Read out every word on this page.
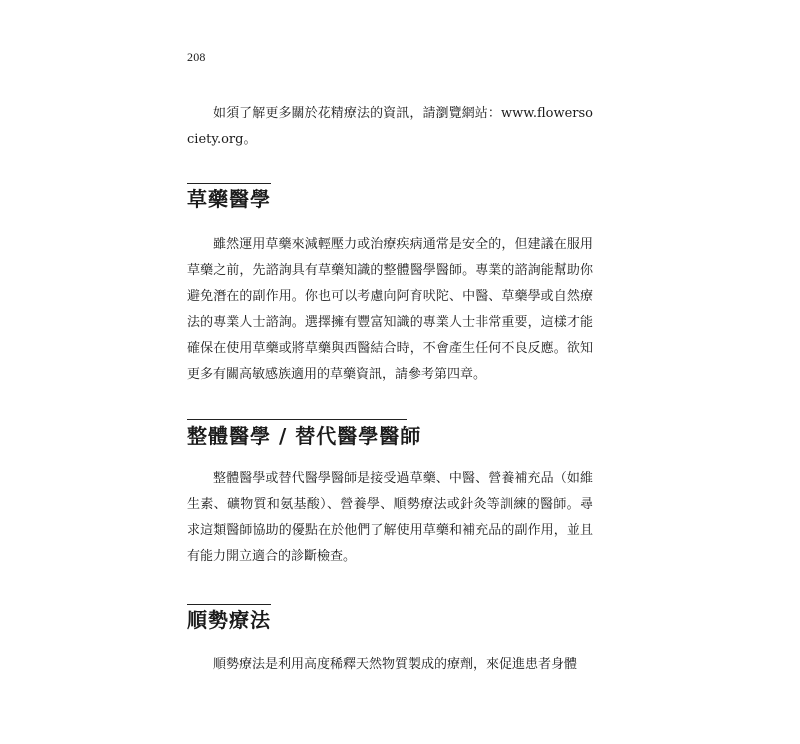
208

如須了解更多關於花精療法的資訊，請瀏覽網站：www.flowersociety.org。

草藥醫學

雖然運用草藥來減輕壓力或治療疾病通常是安全的，但建議在服用草藥之前，先諮詢具有草藥知識的整體醫學醫師。專業的諮詢能幫助你避免潛在的副作用。你也可以考慮向阿育吠陀、中醫、草藥學或自然療法的專業人士諮詢。選擇擁有豐富知識的專業人士非常重要，這樣才能確保在使用草藥或將草藥與西醫結合時，不會產生任何不良反應。欲知更多有關高敏感族適用的草藥資訊，請參考第四章。

整體醫學 / 替代醫學醫師

整體醫學或替代醫學醫師是接受過草藥、中醫、營養補充品（如維生素、礦物質和氨基酸）、營養學、順勢療法或針灸等訓練的醫師。尋求這類醫師協助的優點在於他們了解使用草藥和補充品的副作用，並且有能力開立適合的診斷檢查。

順勢療法

順勢療法是利用高度稀釋天然物質製成的療劑，來促進患者身體
